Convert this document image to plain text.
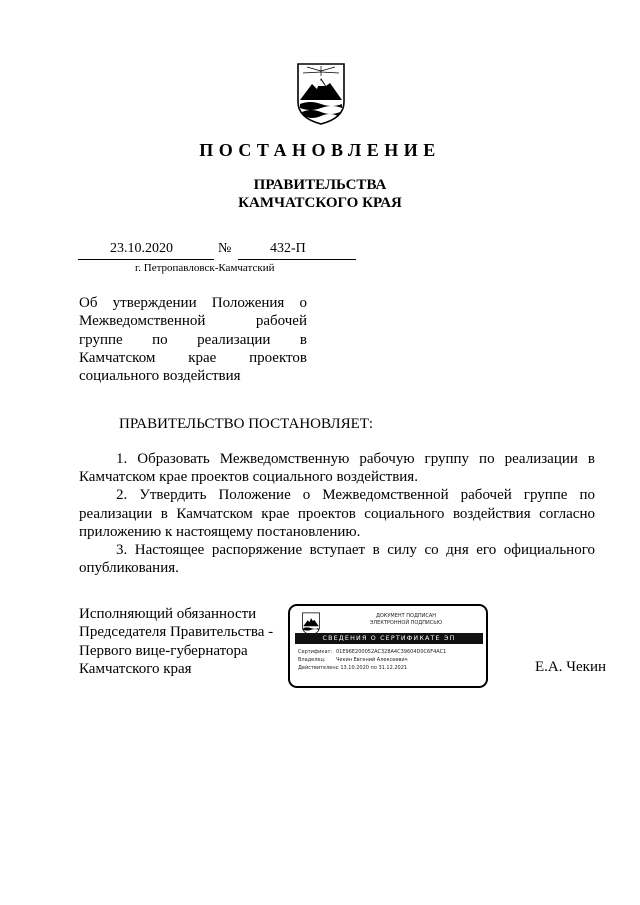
ПОСТАНОВЛЕНИЕ
ПРАВИТЕЛЬСТВА
КАМЧАТСКОГО КРАЯ
23.10.2020	№	432-П
г. Петропавловск-Камчатский
Об утверждении Положения о Межведомственной рабочей группе по реализации в Камчатском крае проектов социального воздействия
ПРАВИТЕЛЬСТВО ПОСТАНОВЛЯЕТ:

1. Образовать Межведомственную рабочую группу по реализации в Камчатском крае проектов социального воздействия.

2. Утвердить Положение о Межведомственной рабочей группе по реализации в Камчатском крае проектов социального воздействия согласно приложению к настоящему постановлению.

3. Настоящее распоряжение вступает в силу со дня его официального опубликования.

Исполняющий обязанности
Председателя Правительства -
Первого вице-губернатора
Камчатского края
ДОКУМЕНТ ПОДПИСАН
ЭЛЕКТРОННОЙ ПОДПИСЬЮ
СВЕДЕНИЯ О СЕРТИФИКАТЕ ЭП
Сертификат: 01E96E200052AC328A4C39604D0C6F4AC1
Владелец: Чекин Евгений Алексеевич
Действителен:с 13.10.2020 по 31.12.2021	Е.А. Чекин
